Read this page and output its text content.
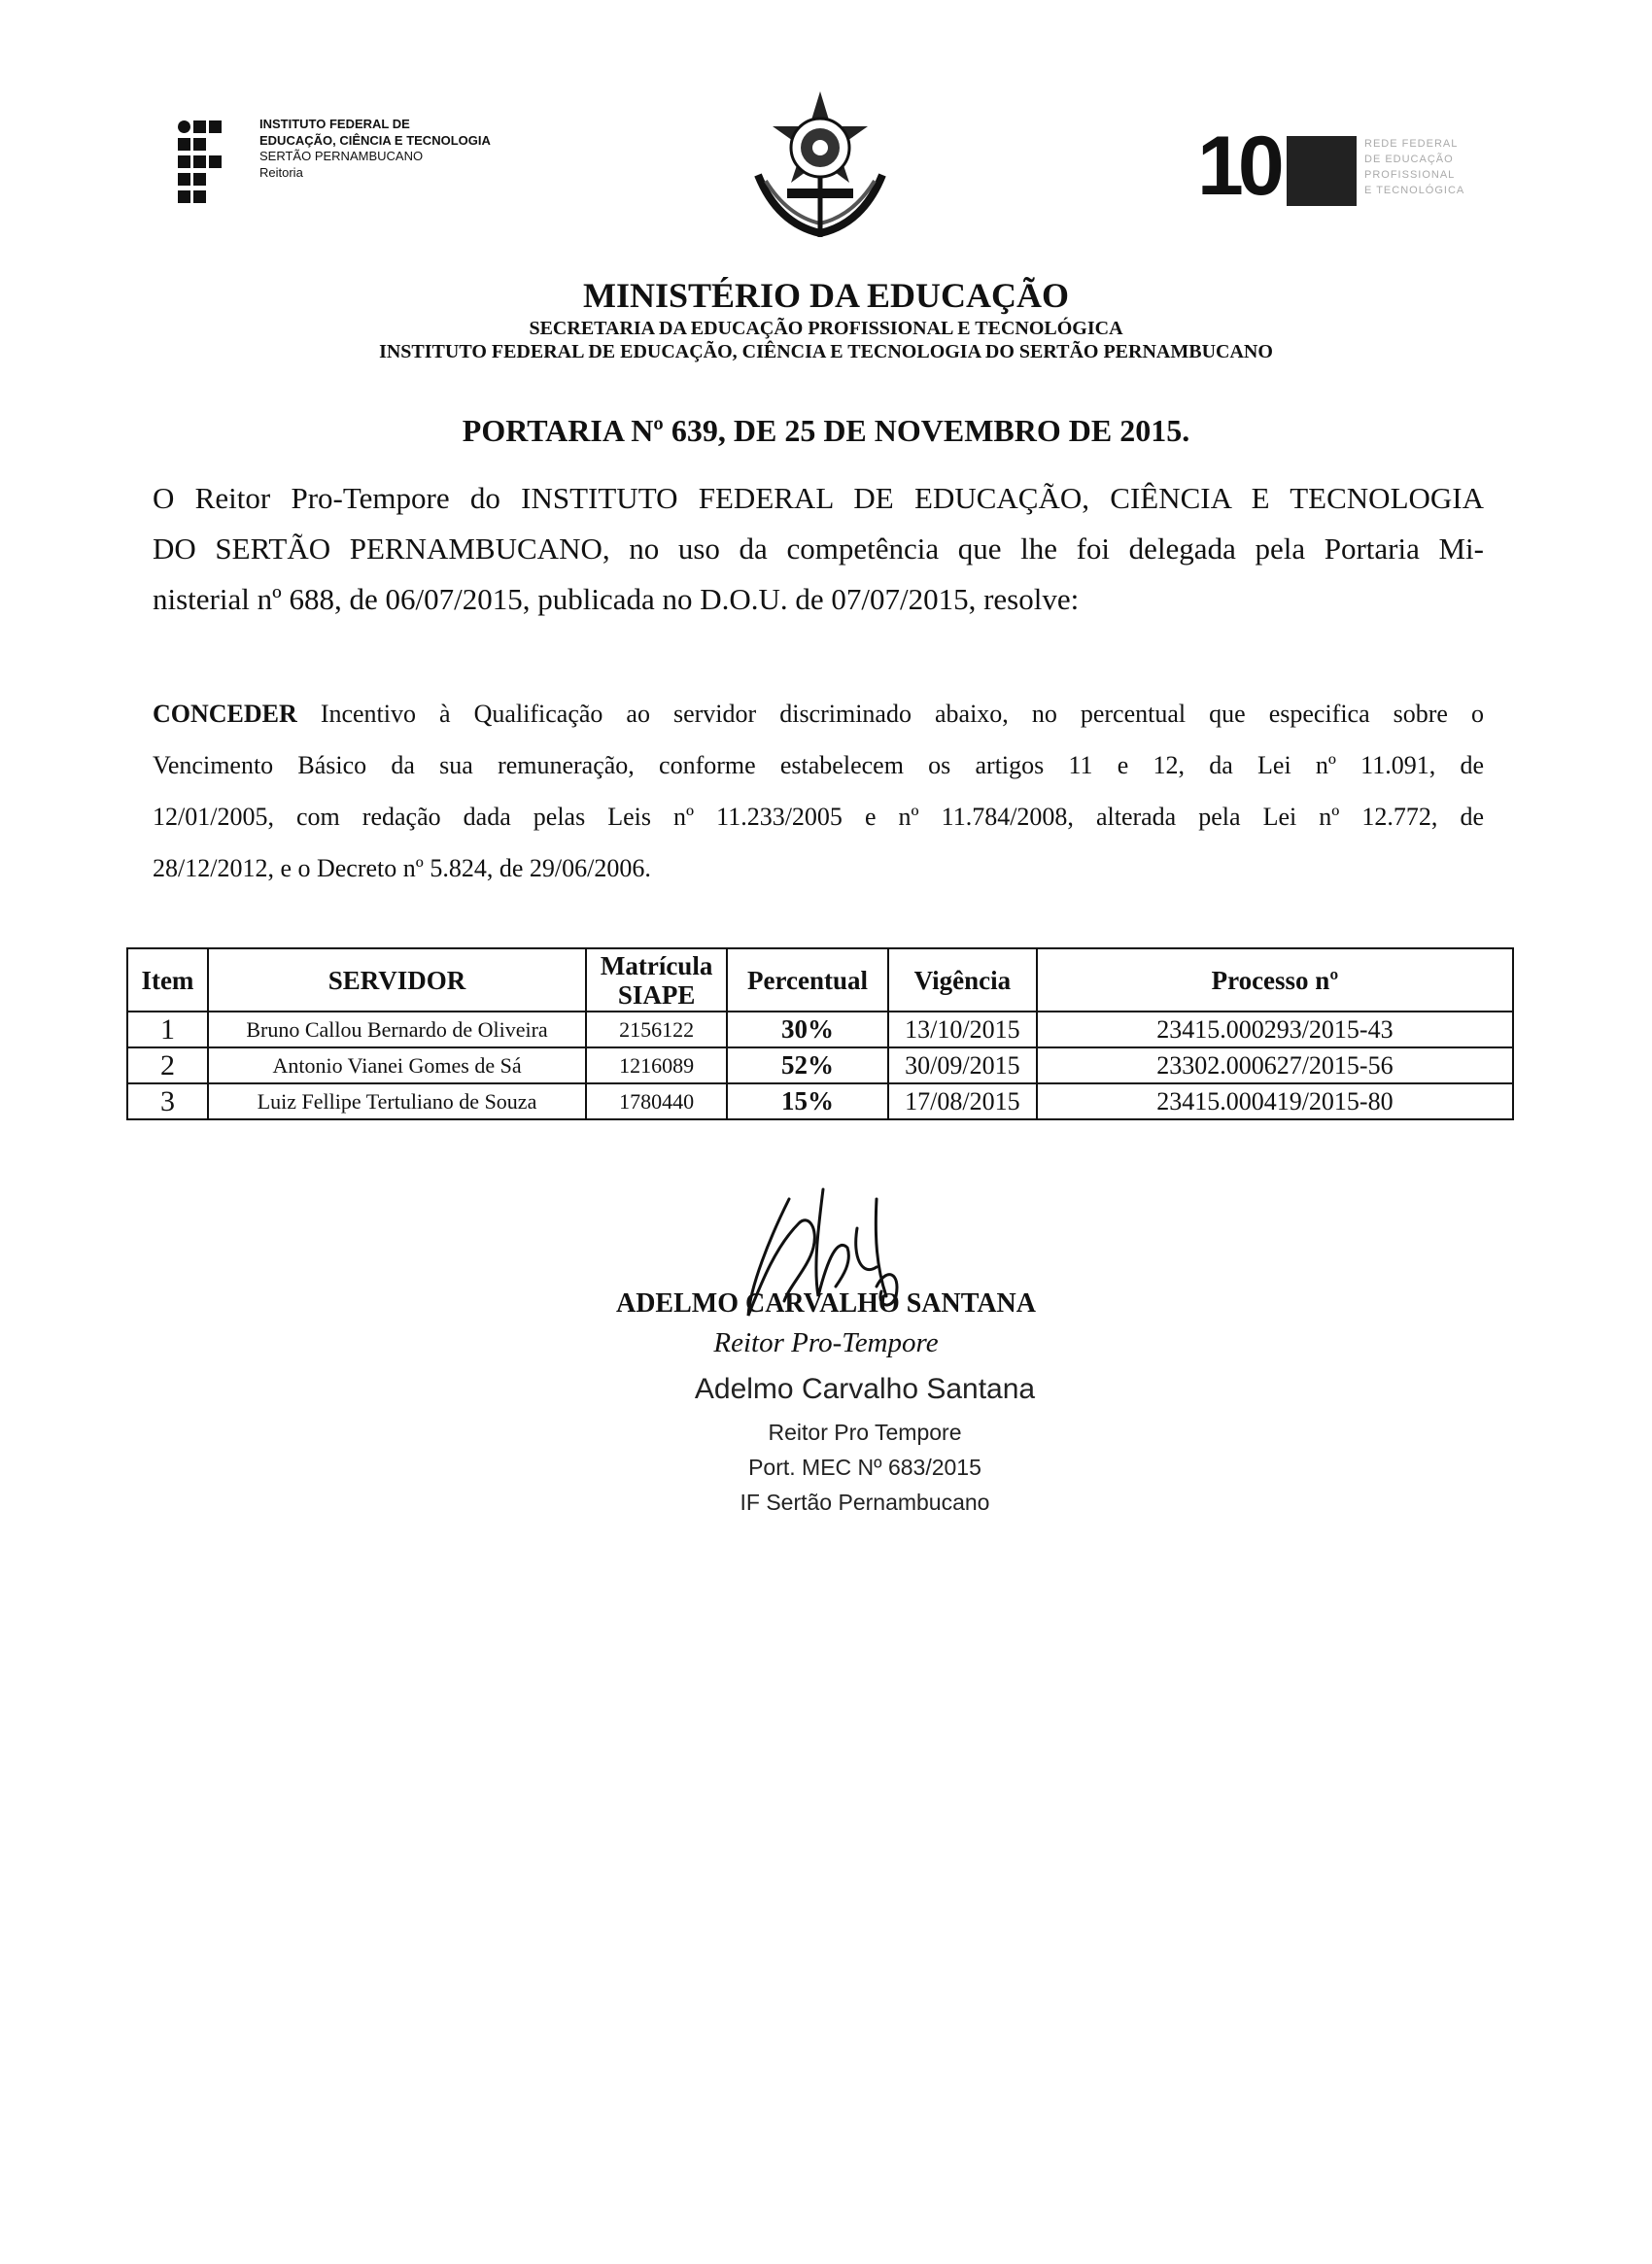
INSTITUTO FEDERAL DE
EDUCAÇÃO, CIÊNCIA E TECNOLOGIA
SERTÃO PERNAMBUCANO
Reitoria	10	REDE FEDERAL
DE EDUCAÇÃO
PROFISSIONAL
E TECNOLÓGICA
MINISTÉRIO DA EDUCAÇÃO
SECRETARIA DA EDUCAÇÃO PROFISSIONAL E TECNOLÓGICA
INSTITUTO FEDERAL DE EDUCAÇÃO, CIÊNCIA E TECNOLOGIA DO SERTÃO PERNAMBUCANO
PORTARIA Nº 639, DE 25 DE NOVEMBRO DE 2015.
O Reitor Pro-Tempore do INSTITUTO FEDERAL DE EDUCAÇÃO, CIÊNCIA E TECNOLOGIA
DO SERTÃO PERNAMBUCANO, no uso da competência que lhe foi delegada pela Portaria Mi-
nisterial nº 688, de 06/07/2015, publicada no D.O.U. de 07/07/2015, resolve:
CONCEDER Incentivo à Qualificação ao servidor discriminado abaixo, no percentual que especifica sobre o
Vencimento Básico da sua remuneração, conforme estabelecem os artigos 11 e 12, da Lei nº 11.091, de
12/01/2005, com redação dada pelas Leis nº 11.233/2005 e nº 11.784/2008, alterada pela Lei nº 12.772, de
28/12/2012, e o Decreto nº 5.824, de 29/06/2006.
Item	SERVIDOR	Matrícula
SIAPE	Percentual	Vigência	Processo nº
1	Bruno Callou Bernardo de Oliveira	2156122	30%	13/10/2015	23415.000293/2015-43
2	Antonio Vianei Gomes de Sá	1216089	52%	30/09/2015	23302.000627/2015-56
3	Luiz Fellipe Tertuliano de Souza	1780440	15%	17/08/2015	23415.000419/2015-80
ADELMO CARVALHO SANTANA
Reitor Pro-Tempore
Adelmo Carvalho Santana
Reitor Pro Tempore
Port. MEC Nº 683/2015
IF Sertão Pernambucano
